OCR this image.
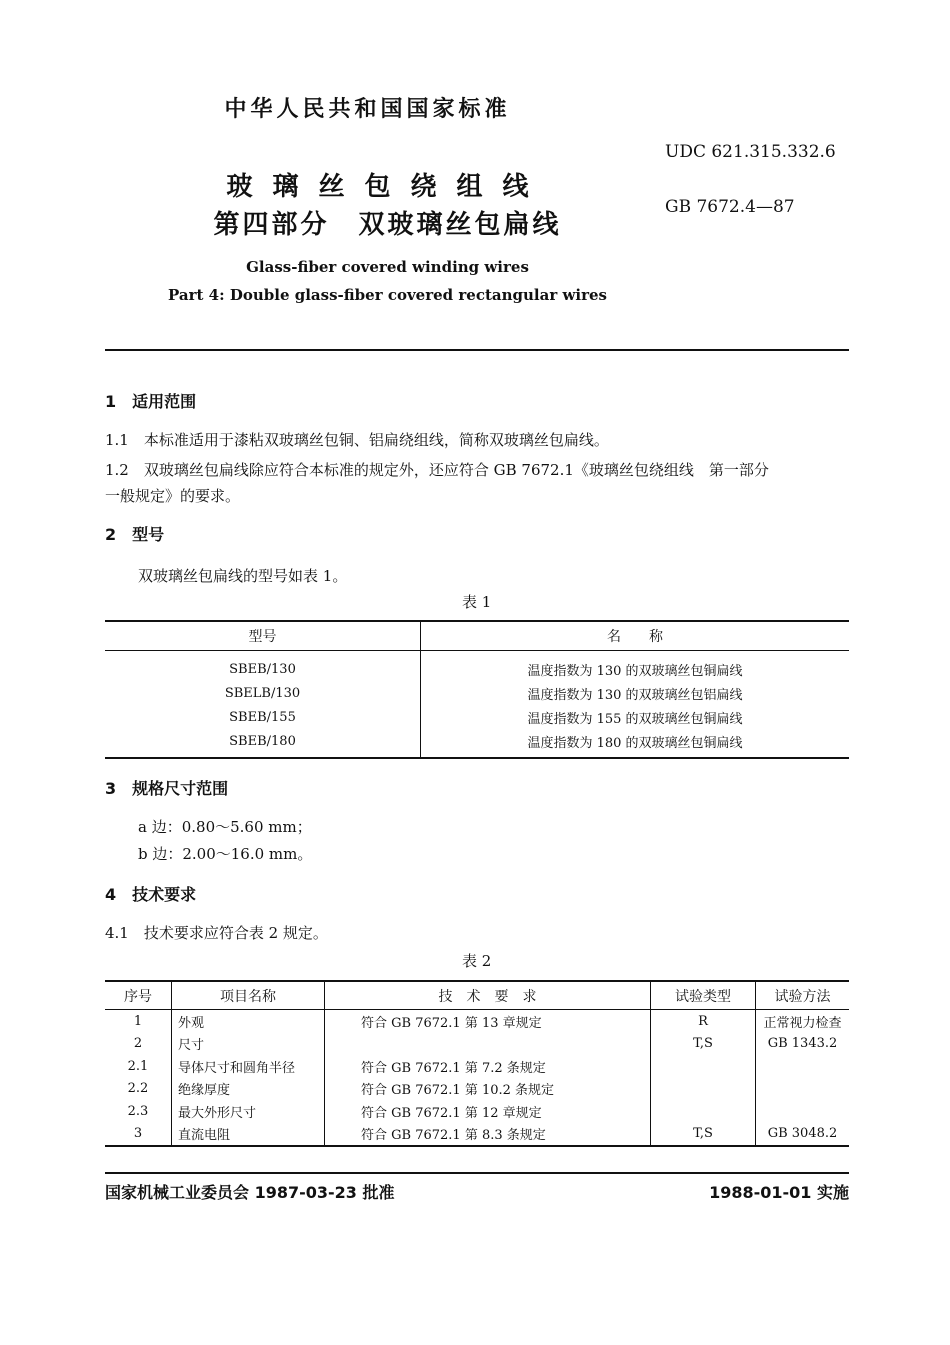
中华人民共和国国家标准
玻璃丝包绕组线
第四部分　双玻璃丝包扁线
UDC 621.315.332.6
GB 7672.4—87
Glass-fiber covered winding wires
Part 4: Double glass-fiber covered rectangular wires
1　适用范围
1.1　本标准适用于漆粘双玻璃丝包铜、铝扁绕组线，简称双玻璃丝包扁线。
1.2　双玻璃丝包扁线除应符合本标准的规定外，还应符合 GB 7672.1《玻璃丝包绕组线　第一部分
一般规定》的要求。
2　型号
双玻璃丝包扁线的型号如表 1。
表 1
型号	名　　称
SBEB/130	温度指数为 130 的双玻璃丝包铜扁线
SBELB/130	温度指数为 130 的双玻璃丝包铝扁线
SBEB/155	温度指数为 155 的双玻璃丝包铜扁线
SBEB/180	温度指数为 180 的双玻璃丝包铜扁线
3　规格尺寸范围
a 边：0.80～5.60 mm；
b 边：2.00～16.0 mm。
4　技术要求
4.1　技术要求应符合表 2 规定。
表 2
序号	项目名称	技　术　要　求	试验类型	试验方法
1	外观	符合 GB 7672.1 第 13 章规定	R	正常视力检查
2	尺寸		T,S	GB 1343.2
2.1	导体尺寸和圆角半径	符合 GB 7672.1 第 7.2 条规定		
2.2	绝缘厚度	符合 GB 7672.1 第 10.2 条规定		
2.3	最大外形尺寸	符合 GB 7672.1 第 12 章规定		
3	直流电阻	符合 GB 7672.1 第 8.3 条规定	T,S	GB 3048.2
国家机械工业委员会 1987-03-23 批准	1988-01-01 实施
